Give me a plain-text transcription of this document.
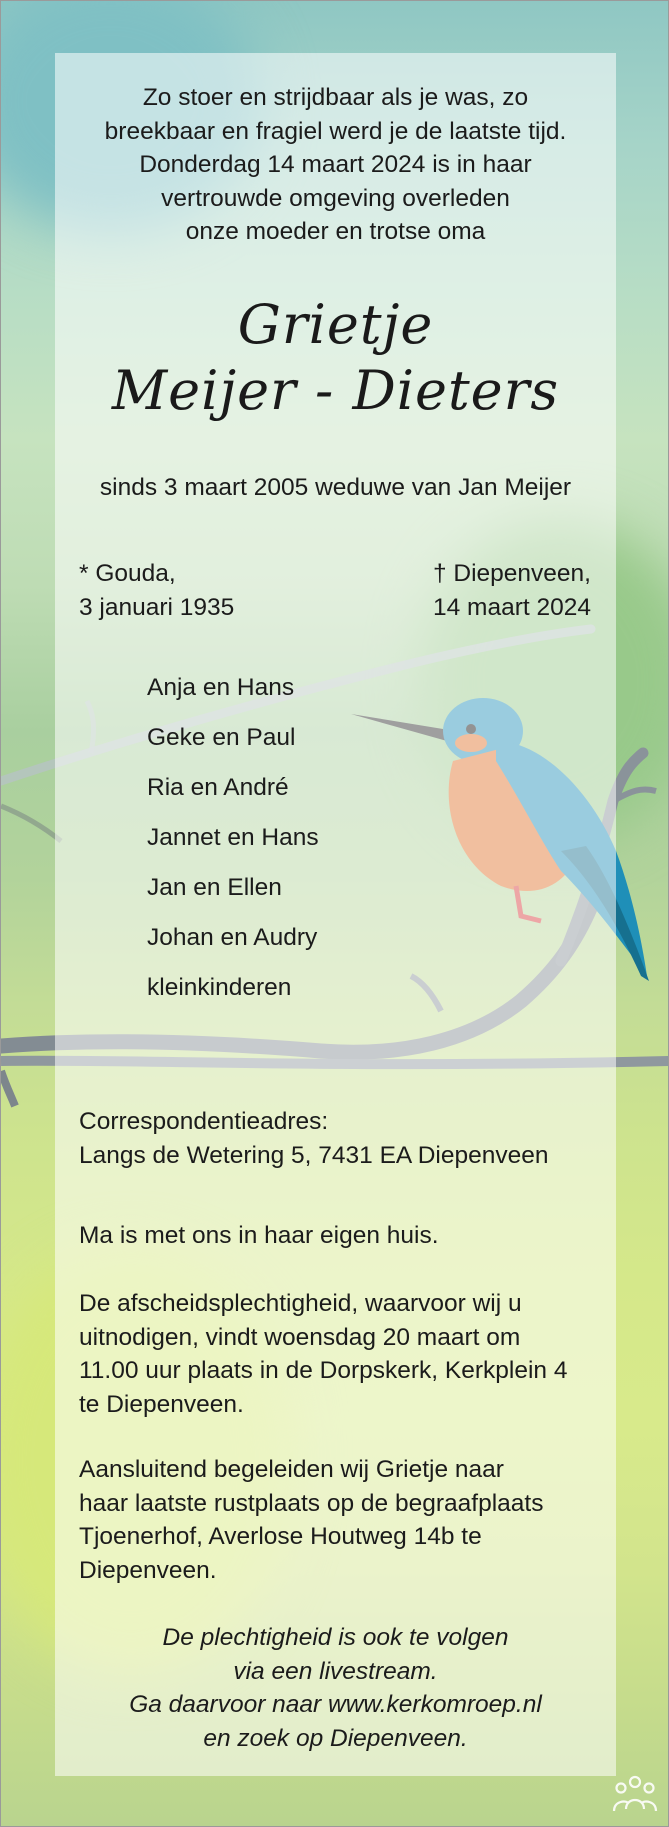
Zo stoer en strijdbaar als je was, zo
breekbaar en fragiel werd je de laatste tijd.
Donderdag 14 maart 2024 is in haar
vertrouwde omgeving overleden
onze moeder en trotse oma
Grietje
Meijer - Dieters
sinds 3 maart 2005 weduwe van Jan Meijer
* Gouda,
3 januari 1935
† Diepenveen,
14 maart 2024
Anja en Hans
Geke en Paul
Ria en André
Jannet en Hans
Jan en Ellen
Johan en Audry
kleinkinderen
Correspondentieadres:
Langs de Wetering 5, 7431 EA Diepenveen
Ma is met ons in haar eigen huis.
De afscheidsplechtigheid, waarvoor wij u
uitnodigen, vindt woensdag 20 maart om
11.00 uur plaats in de Dorpskerk, Kerkplein 4
te Diepenveen.
Aansluitend begeleiden wij Grietje naar
haar laatste rustplaats op de begraafplaats
Tjoenerhof, Averlose Houtweg 14b te
Diepenveen.
De plechtigheid is ook te volgen
via een livestream.
Ga daarvoor naar www.kerkomroep.nl
en zoek op Diepenveen.
